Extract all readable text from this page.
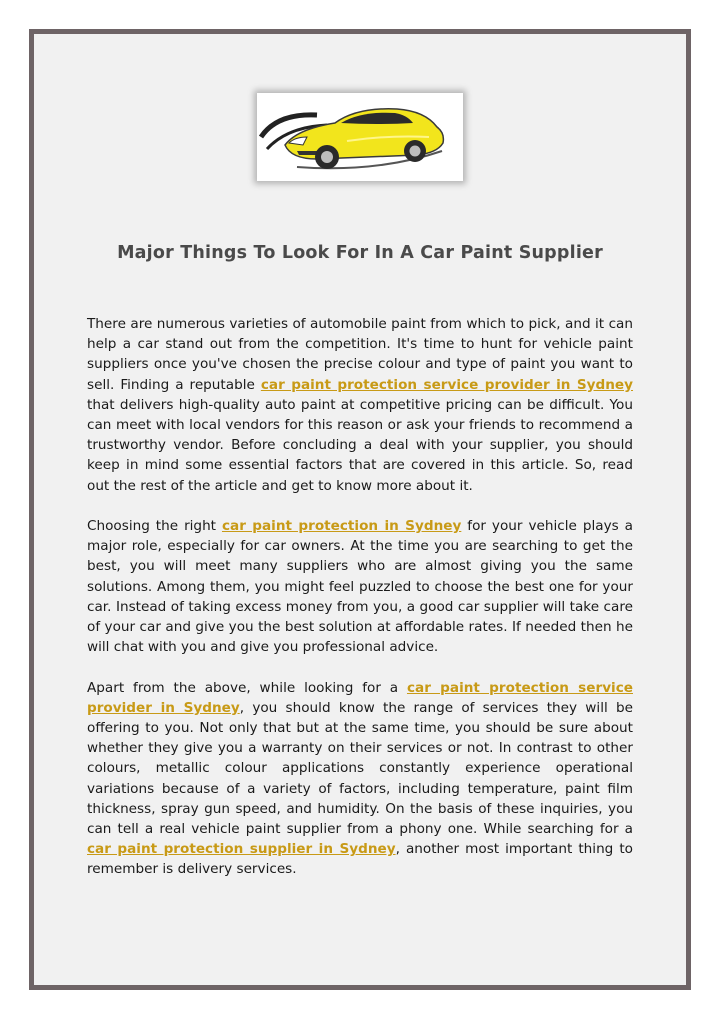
Major Things To Look For In A Car Paint Supplier

There are numerous varieties of automobile paint from which to pick, and it can help a car stand out from the competition. It's time to hunt for vehicle paint suppliers once you've chosen the precise colour and type of paint you want to sell. Finding a reputable car paint protection service provider in Sydney that delivers high-quality auto paint at competitive pricing can be difficult. You can meet with local vendors for this reason or ask your friends to recommend a trustworthy vendor. Before concluding a deal with your supplier, you should keep in mind some essential factors that are covered in this article. So, read out the rest of the article and get to know more about it.

Choosing the right car paint protection in Sydney for your vehicle plays a major role, especially for car owners. At the time you are searching to get the best, you will meet many suppliers who are almost giving you the same solutions. Among them, you might feel puzzled to choose the best one for your car. Instead of taking excess money from you, a good car supplier will take care of your car and give you the best solution at affordable rates. If needed then he will chat with you and give you professional advice.

Apart from the above, while looking for a car paint protection service provider in Sydney, you should know the range of services they will be offering to you. Not only that but at the same time, you should be sure about whether they give you a warranty on their services or not. In contrast to other colours, metallic colour applications constantly experience operational variations because of a variety of factors, including temperature, paint film thickness, spray gun speed, and humidity. On the basis of these inquiries, you can tell a real vehicle paint supplier from a phony one. While searching for a car paint protection supplier in Sydney, another most important thing to remember is delivery services.
